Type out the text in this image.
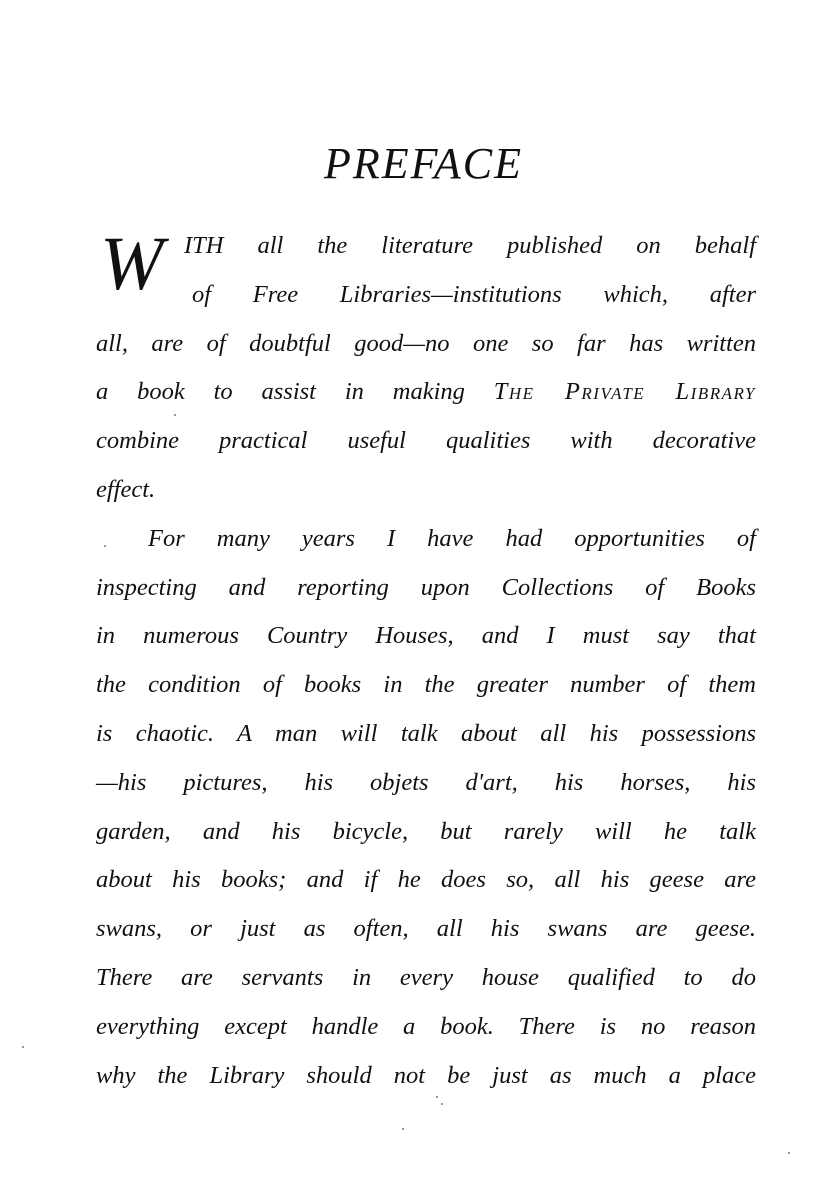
PREFACE
W ITH all the literature published on behalf
of Free Libraries—institutions which, after
all, are of doubtful good—no one so far has written
a book to assist in making The Private Library
combine practical useful qualities with decorative
effect.
For many years I have had opportunities of
inspecting and reporting upon Collections of Books
in numerous Country Houses, and I must say that
the condition of books in the greater number of them
is chaotic. A man will talk about all his possessions
—his pictures, his objets d'art, his horses, his
garden, and his bicycle, but rarely will he talk
about his books; and if he does so, all his geese are
swans, or just as often, all his swans are geese.
There are servants in every house qualified to do
everything except handle a book. There is no reason
why the Library should not be just as much a place
